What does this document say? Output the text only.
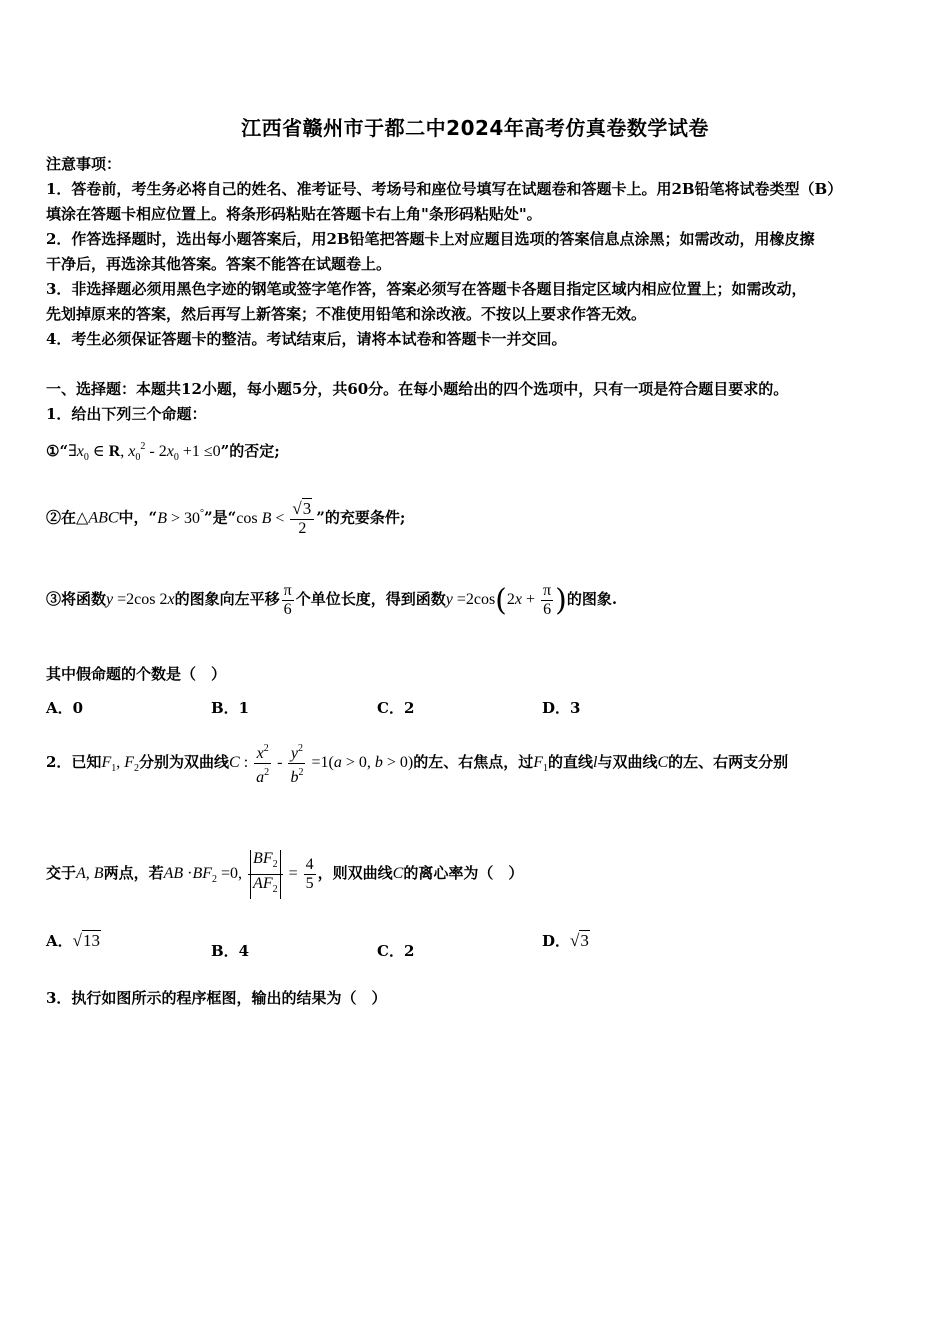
江西省赣州市于都二中2024年高考仿真卷数学试卷
注意事项：
1．答卷前，考生务必将自己的姓名、准考证号、考场号和座位号填写在试题卷和答题卡上。用2B铅笔将试卷类型（B）
填涂在答题卡相应位置上。将条形码粘贴在答题卡右上角"条形码粘贴处"。
2．作答选择题时，选出每小题答案后，用2B铅笔把答题卡上对应题目选项的答案信息点涂黑；如需改动，用橡皮擦
干净后，再选涂其他答案。答案不能答在试题卷上。
3．非选择题必须用黑色字迹的钢笔或签字笔作答，答案必须写在答题卡各题目指定区域内相应位置上；如需改动，
先划掉原来的答案，然后再写上新答案；不准使用铅笔和涂改液。不按以上要求作答无效。
4．考生必须保证答题卡的整洁。考试结束后，请将本试卷和答题卡一并交回。
一、选择题：本题共12小题，每小题5分，共60分。在每小题给出的四个选项中，只有一项是符合题目要求的。
1．给出下列三个命题：
$①“\exists x_0$ ∈ R, $x_0^2 - 2x_0 +1 \le 0$”的否定;
②在△ABC中，“B > 30°”是“cos $B < \frac{√3}{2}$ ”的充要条件;
③将函数y =2cos 2x的图象向左平移 $\frac{\pi}{6}$ 个单位长度，得到函数$y =2\cos(2x + \frac{\pi}{6}$ )的图象.
其中假命题的个数是（　）
A．0	B．1	C．2	D．3
2．已知$F_1$, $F_2$分别为双曲线C : $\frac{x^2}{a^2} - \frac{y^2}{b^2} =1(a > 0$, b > 0)的左、右焦点，过$F_1$的直线l与双曲线C的左、右两支分别
交于A, B两点，若AB $\cdot BF_2 =0$, $\frac{BF_2}{AF_2} = \frac{4}{5}$ ，则双曲线C的离心率为（　）
A．√13
B．4	C．2
D．√3
3．执行如图所示的程序框图，输出的结果为（　）
